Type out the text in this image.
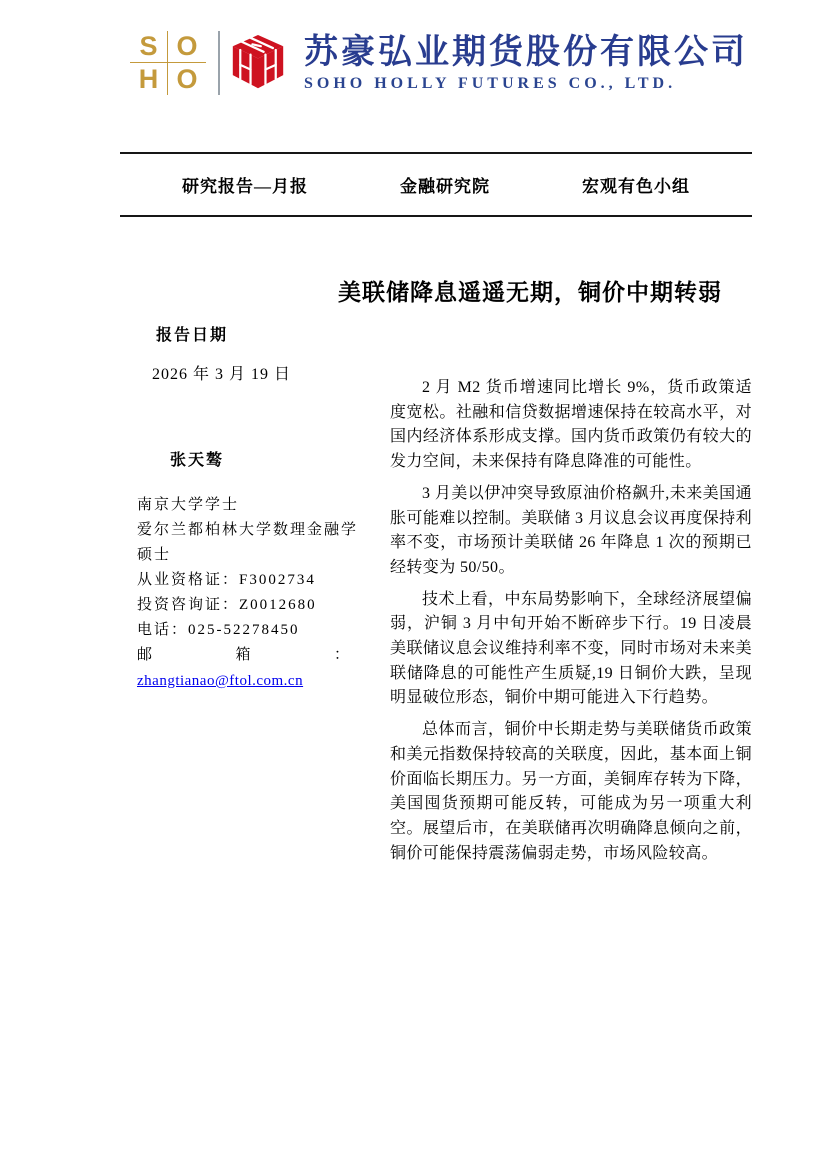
S O
H O
苏豪弘业期货股份有限公司
SOHO HOLLY FUTURES CO., LTD.
研究报告—月报	金融研究院	宏观有色小组
美联储降息遥遥无期，铜价中期转弱
报告日期
2026 年 3 月 19 日
张天骜
南京大学学士
爱尔兰都柏林大学数理金融学硕士
从业资格证：F3002734
投资咨询证：Z0012680
电话：025-52278450
邮	箱	：
zhangtianao@ftol.com.cn

2 月 M2 货币增速同比增长 9%，货币政策适度宽松。社融和信贷数据增速保持在较高水平，对国内经济体系形成支撑。国内货币政策仍有较大的发力空间，未来保持有降息降准的可能性。

3 月美以伊冲突导致原油价格飙升,未来美国通胀可能难以控制。美联储 3 月议息会议再度保持利率不变，市场预计美联储 26 年降息 1 次的预期已经转变为 50/50。

技术上看，中东局势影响下，全球经济展望偏弱，沪铜 3 月中旬开始不断碎步下行。19 日凌晨美联储议息会议维持利率不变，同时市场对未来美联储降息的可能性产生质疑,19 日铜价大跌，呈现明显破位形态，铜价中期可能进入下行趋势。

总体而言，铜价中长期走势与美联储货币政策和美元指数保持较高的关联度，因此，基本面上铜价面临长期压力。另一方面，美铜库存转为下降，美国囤货预期可能反转，可能成为另一项重大利空。展望后市，在美联储再次明确降息倾向之前，铜价可能保持震荡偏弱走势，市场风险较高。
